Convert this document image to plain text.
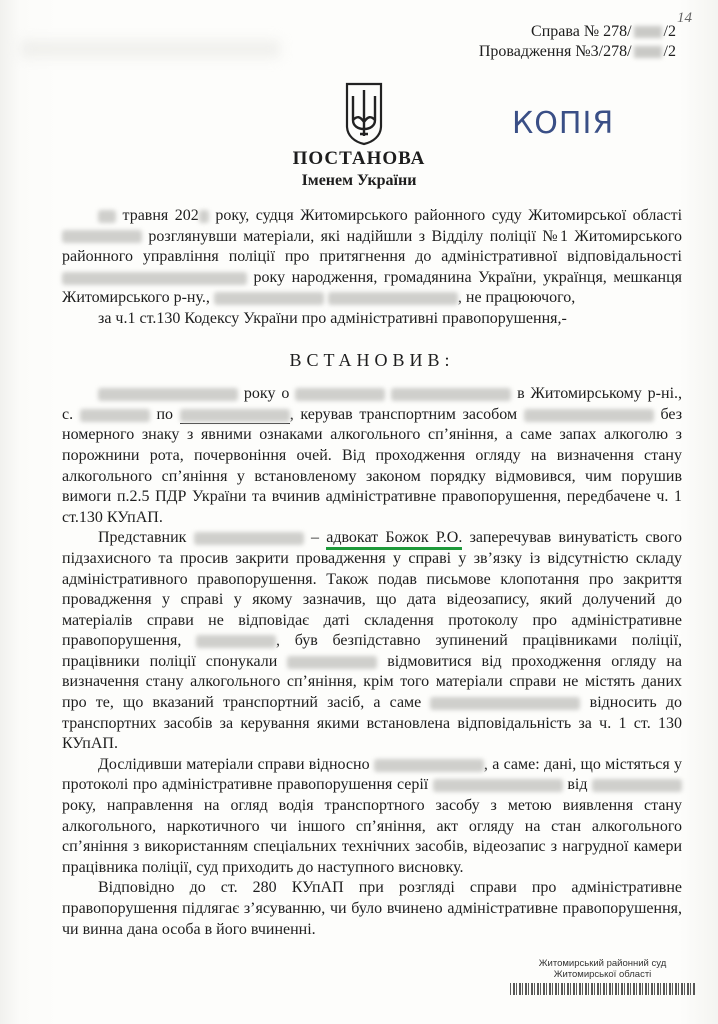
14
Справа № 278/ /2
Провадження №3/278/ /2
КОПІЯ
ПОСТАНОВА
Іменем України

травня 202 року, судця Житомирського районного суду Житомирської області  розглянувши матеріали, які надійшли з Відділу поліції №1 Житомирського районного управління поліції про притягнення до адміністративної відповідальності  року народження, громадянина України, українця, мешканця Житомирського р-ну.,	, не працюючого,

за ч.1 ст.130 Кодексу України про адміністративні правопорушення,-

ВСТАНОВИВ:

року о	в Житомирському р-ні., с.	по	, керував транспортним засобом	без номерного знаку з явними ознаками алкогольного сп’яніння, а саме запах алкоголю з порожнини рота, почервоніння очей. Від проходження огляду на визначення стану алкогольного сп’яніння у встановленому законом порядку відмовився, чим порушив вимоги п.2.5 ПДР України та вчинив адміністративне правопорушення, передбачене ч. 1 ст.130 КУпАП.

Представник	– адвокат Божок Р.О. заперечував винуватість свого підзахисного та просив закрити провадження у справі у зв’язку із відсутністю складу адміністративного правопорушення. Також подав письмове клопотання про закриття провадження у справі у якому зазначив, що дата відеозапису, який долучений до матеріалів справи не відповідає даті складення протоколу про адміністративне правопорушення,	, був безпідставно зупинений працівниками поліції, працівники поліції спонукали	відмовитися від проходження огляду на визначення стану алкогольного сп’яніння, крім того матеріали справи не містять даних про те, що вказаний транспортний засіб, а саме	відносить до транспортних засобів за керування якими встановлена відповідальність за ч. 1 ст. 130 КУпАП.

Дослідивши матеріали справи відносно	, а саме: дані, що містяться у протоколі про адміністративне правопорушення серії	від  року, направлення на огляд водія транспортного засобу з метою виявлення стану алкогольного, наркотичного чи іншого сп’яніння, акт огляду на стан алкогольного сп’яніння з використанням спеціальних технічних засобів, відеозапис з нагрудної камери працівника поліції, суд приходить до наступного висновку.

Відповідно до ст. 280 КУпАП при розгляді справи про адміністративне правопорушення підлягає з’ясуванню, чи було вчинено адміністративне правопорушення, чи винна дана особа в його вчиненні.

Житомирський районний суд
Житомирської області
